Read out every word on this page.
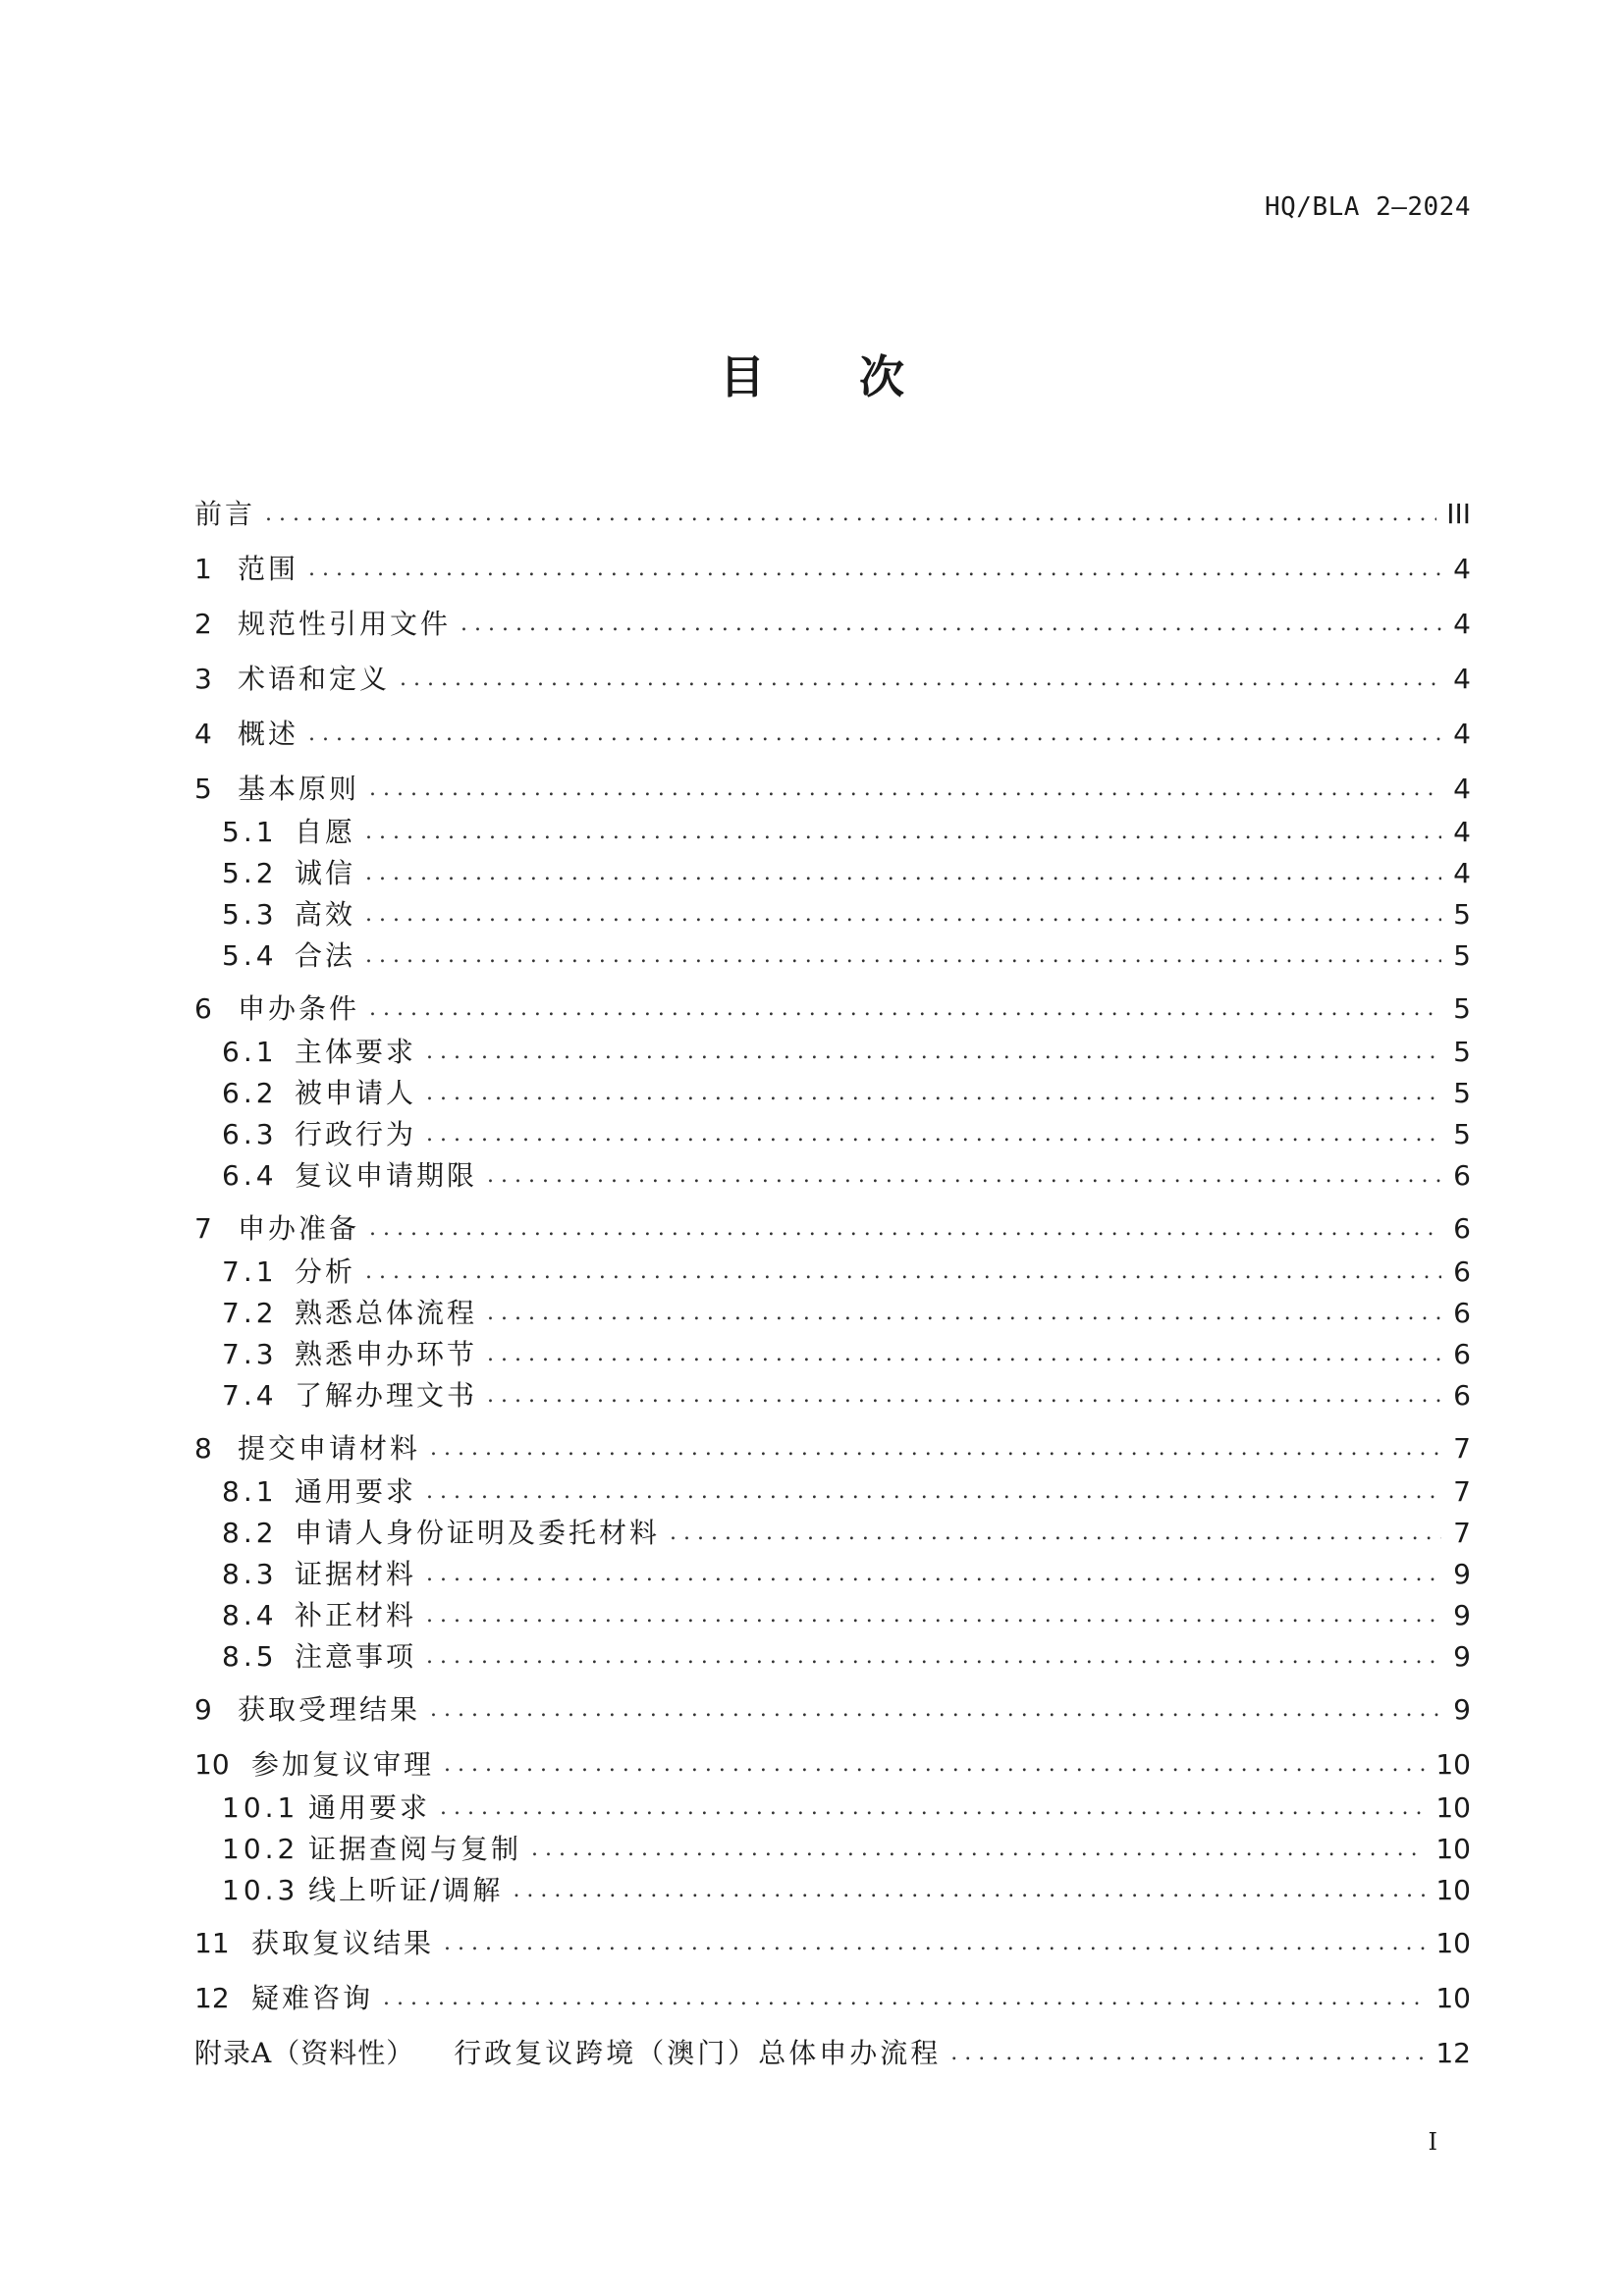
HQ/BLA 2—2024
目次
前言 .....	III
1 范围 .....	4
2 规范性引用文件 .....	4
3 术语和定义 .....	4
4 概述 .....	4
5 基本原则 .....	4
5.1 自愿 .....	4
5.2 诚信 .....	4
5.3 高效 .....	5
5.4 合法 .....	5
6 申办条件 .....	5
6.1 主体要求 .....	5
6.2 被申请人 .....	5
6.3 行政行为 .....	5
6.4 复议申请期限 .....	6
7 申办准备 .....	6
7.1 分析 .....	6
7.2 熟悉总体流程 .....	6
7.3 熟悉申办环节 .....	6
7.4 了解办理文书 .....	6
8 提交申请材料 .....	7
8.1 通用要求 .....	7
8.2 申请人身份证明及委托材料 .....	7
8.3 证据材料 .....	9
8.4 补正材料 .....	9
8.5 注意事项 .....	9
9 获取受理结果 .....	9
10 参加复议审理 .....	10
10.1 通用要求 .....	10
10.2 证据查阅与复制 .....	10
10.3 线上听证/调解 .....	10
11 获取复议结果 .....	10
12 疑难咨询 .....	10
附录A（资料性） 行政复议跨境（澳门）总体申办流程 .....	12
I
